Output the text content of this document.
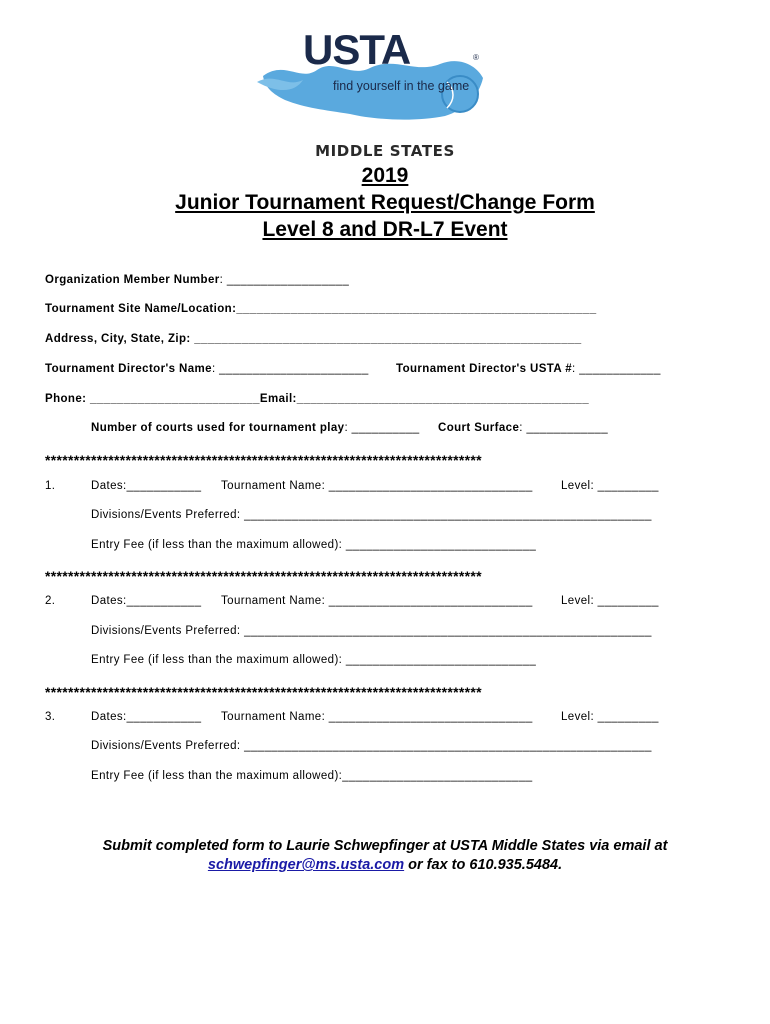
USTA	®
find yourself in the game
MIDDLE STATES
2019
Junior Tournament Request/Change Form
Level 8 and DR-L7 Event
Organization Member Number: __________________
Tournament Site Name/Location:_____________________________________________________
Address, City, State, Zip: _________________________________________________________
Tournament Director's Name: ______________________ Tournament Director's USTA #: ____________
Phone: _________________________Email:___________________________________________
Number of courts used for tournament play: __________ Court Surface: ____________
****************************************************************************
1.	Dates:___________ Tournament Name: ______________________________ Level: _________
Divisions/Events Preferred: ____________________________________________________________
Entry Fee (if less than the maximum allowed): ____________________________
****************************************************************************
2.	Dates:___________ Tournament Name: ______________________________ Level: _________
Divisions/Events Preferred: ____________________________________________________________
Entry Fee (if less than the maximum allowed): ____________________________
****************************************************************************
3.	Dates:___________ Tournament Name: ______________________________ Level: _________
Divisions/Events Preferred: ____________________________________________________________
Entry Fee (if less than the maximum allowed):____________________________
Submit completed form to Laurie Schwepfinger at USTA Middle States via email at
schwepfinger@ms.usta.com or fax to 610.935.5484.
